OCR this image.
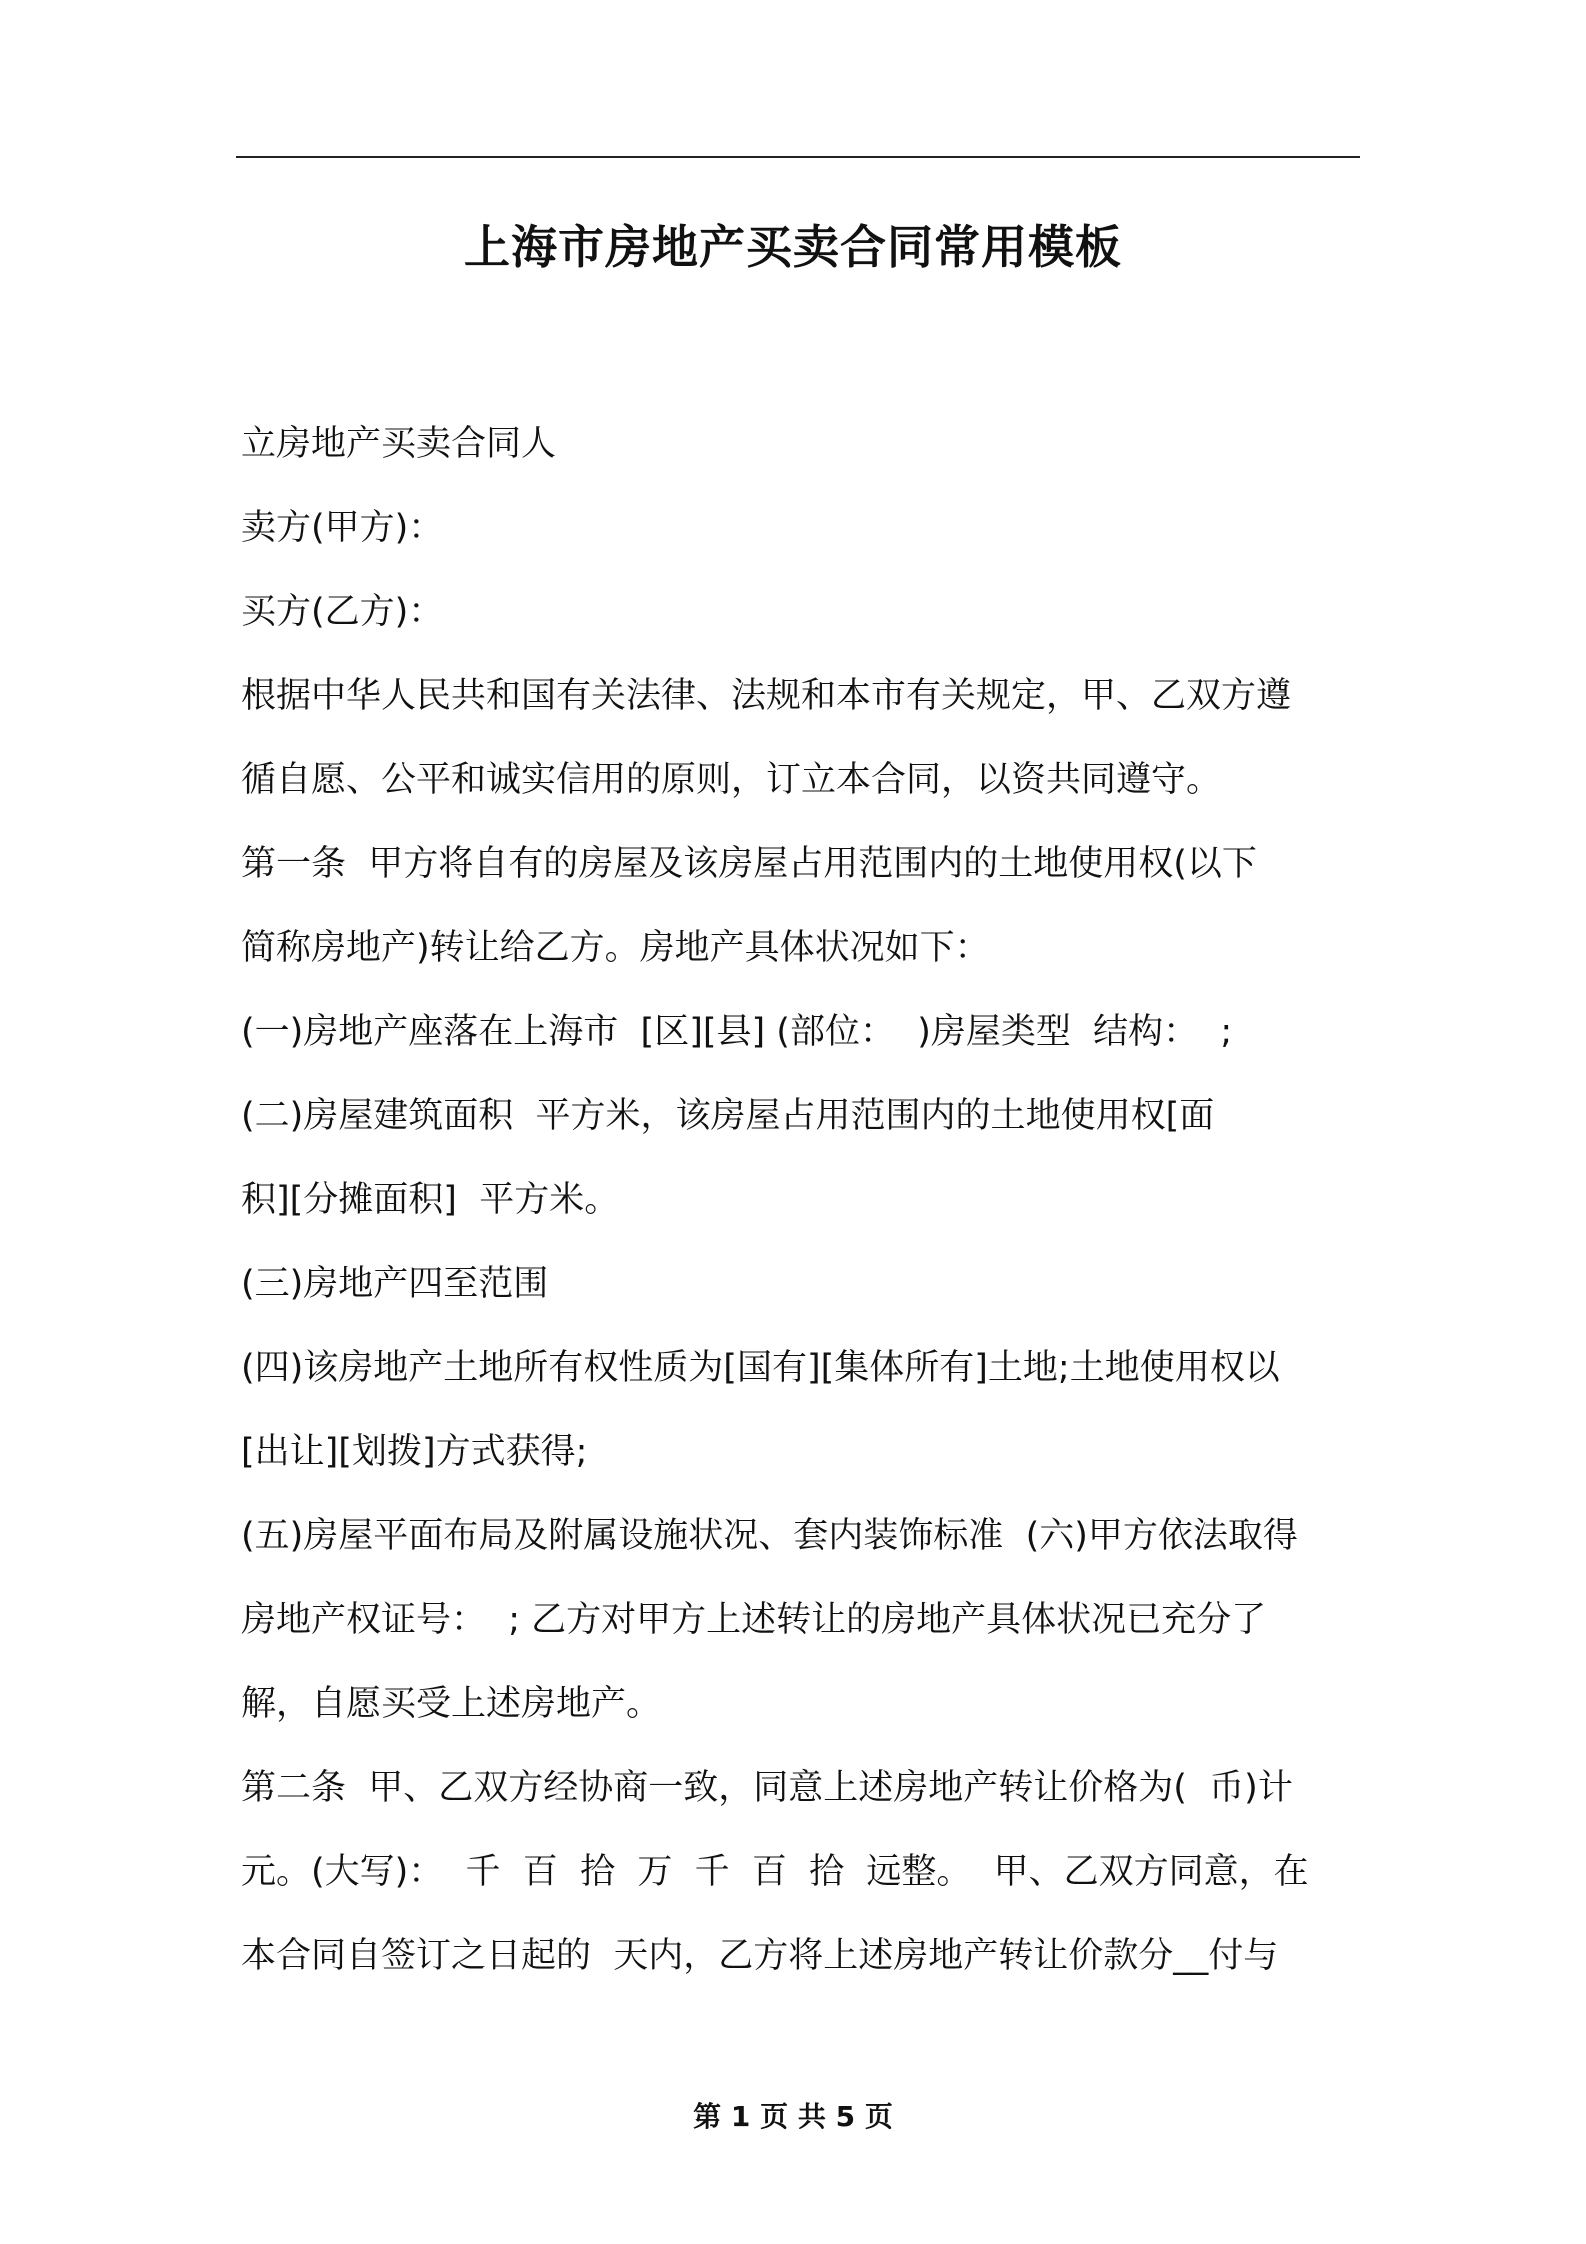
上海市房地产买卖合同常用模板
立房地产买卖合同人
卖方(甲方)：
买方(乙方)：
根据中华人民共和国有关法律、法规和本市有关规定，甲、乙双方遵
循自愿、公平和诚实信用的原则，订立本合同，以资共同遵守。
第一条  甲方将自有的房屋及该房屋占用范围内的土地使用权(以下
简称房地产)转让给乙方。房地产具体状况如下：
(一)房地产座落在上海市  [区][县] (部位：  )房屋类型  结构：  ;
(二)房屋建筑面积  平方米，该房屋占用范围内的土地使用权[面
积][分摊面积]  平方米。
(三)房地产四至范围
(四)该房地产土地所有权性质为[国有][集体所有]土地;土地使用权以
[出让][划拨]方式获得;
(五)房屋平面布局及附属设施状况、套内装饰标准  (六)甲方依法取得
房地产权证号：  ; 乙方对甲方上述转让的房地产具体状况已充分了
解，自愿买受上述房地产。
第二条  甲、乙双方经协商一致，同意上述房地产转让价格为(  币)计
元。(大写)：  千  百  拾  万  千  百  拾  远整。  甲、乙双方同意，在
本合同自签订之日起的  天内，乙方将上述房地产转让价款分__付与
第 1 页 共 5 页
